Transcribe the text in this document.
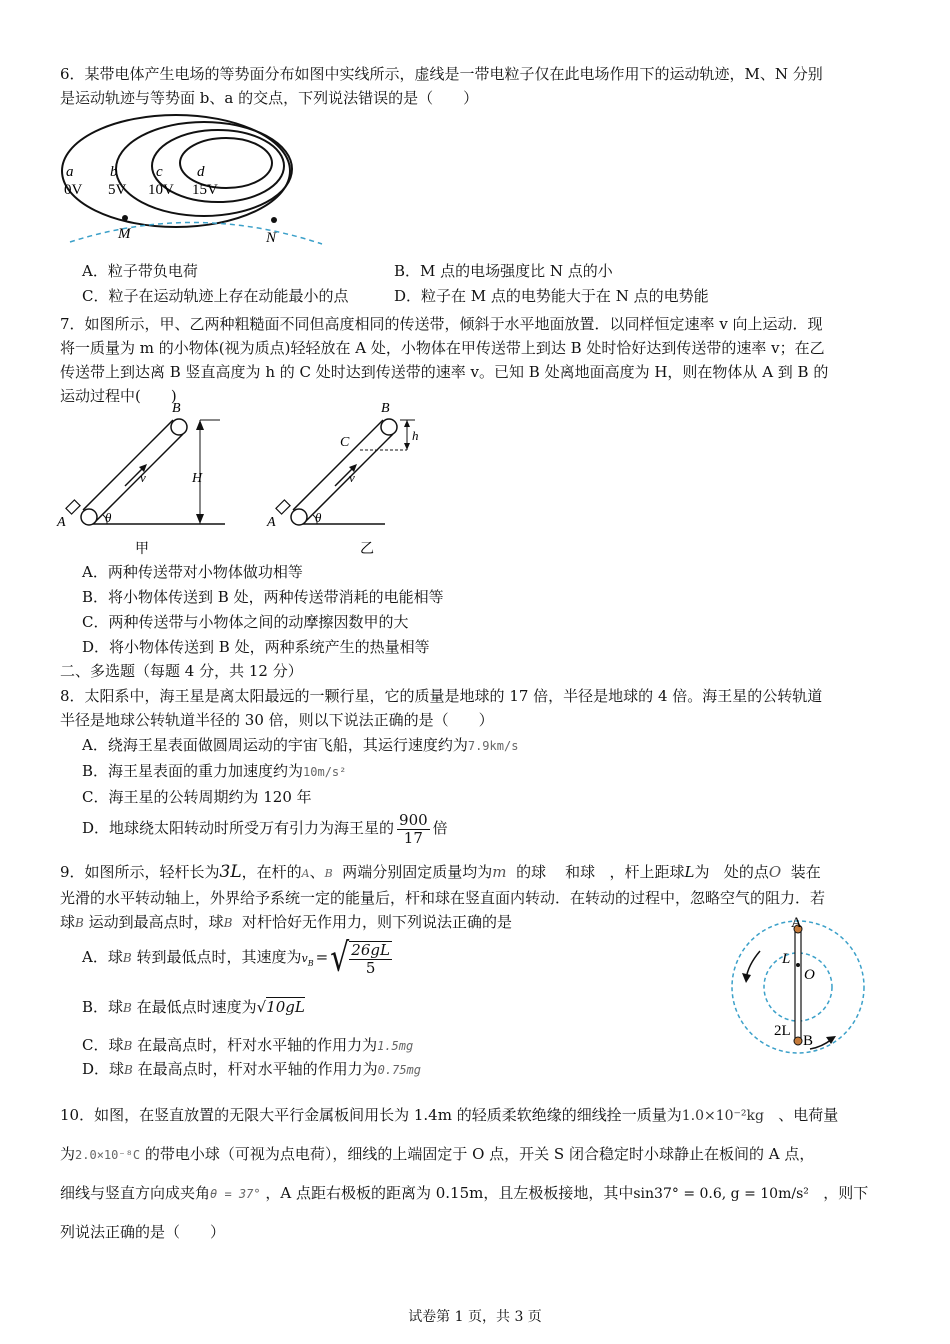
6．某带电体产生电场的等势面分布如图中实线所示，虚线是一带电粒子仅在此电场作用下的运动轨迹，M、N 分别
是运动轨迹与等势面 b、a 的交点，下列说法错误的是（　　）
a
0V
b
5V
c
10V
d
15V
M	N
A．粒子带负电荷	B．M 点的电场强度比 N 点的小
C．粒子在运动轨迹上存在动能最小的点	D．粒子在 M 点的电势能大于在 N 点的电势能
7．如图所示，甲、乙两种粗糙面不同但高度相同的传送带，倾斜于水平地面放置．以同样恒定速率 v 向上运动．现
将一质量为 m 的小物体(视为质点)轻轻放在 A 处，小物体在甲传送带上到达 B 处时恰好达到传送带的速率 v；在乙
传送带上到达离 B 竖直高度为 h 的 C 处时达到传送带的速率 v。已知 B 处离地面高度为 H，则在物体从 A 到 B 的
运动过程中(　　)
B
A	θ
v	H
甲
B
C	h
A	θ
v
乙
A．两种传送带对小物体做功相等
B．将小物体传送到 B 处，两种传送带消耗的电能相等
C．两种传送带与小物体之间的动摩擦因数甲的大
D．将小物体传送到 B 处，两种系统产生的热量相等
二、多选题（每题 4 分，共 12 分）
8．太阳系中，海王星是离太阳最远的一颗行星，它的质量是地球的 17 倍，半径是地球的 4 倍。海王星的公转轨道
半径是地球公转轨道半径的 30 倍，则以下说法正确的是（　　）
A．绕海王星表面做圆周运动的宇宙飞船，其运行速度约为7.9km/s
B．海王星表面的重力加速度约为10m/s²
C．海王星的公转周期约为 120 年
D．地球绕太阳转动时所受万有引力为海王星的 $\frac{900}{17}$ 倍
9．如图所示，轻杆长为3L，在杆的A、B 两端分别固定质量均为m 的球 和球 ，杆上距球L为 处的点O 装在
光滑的水平转动轴上，外界给予系统一定的能量后，杆和球在竖直面内转动．在转动的过程中，忽略空气的阻力．若
球B 运动到最高点时，球B 对杆恰好无作用力，则下列说法正确的是	A
L
O
2L
B
A．球B 转到最低点时，其速度为$v_B$ =√ $\frac{26gL}{5}$
B．球B 在最低点时速度为√10gL
C．球B 在最高点时，杆对水平轴的作用力为1.5mg
D．球B 在最高点时，杆对水平轴的作用力为0.75mg
10．如图，在竖直放置的无限大平行金属板间用长为 1.4m 的轻质柔软绝缘的细线拴一质量为1.0×10⁻²kg 、电荷量
为2.0×10⁻⁸C 的带电小球（可视为点电荷），细线的上端固定于 O 点，开关 S 闭合稳定时小球静止在板间的 A 点，
细线与竖直方向成夹角θ = 37° ，A 点距右极板的距离为 0.15m，且左极板接地，其中sin37° = 0.6, g = 10m/s² ，则下
列说法正确的是（　　）
试卷第 1 页，共 3 页
